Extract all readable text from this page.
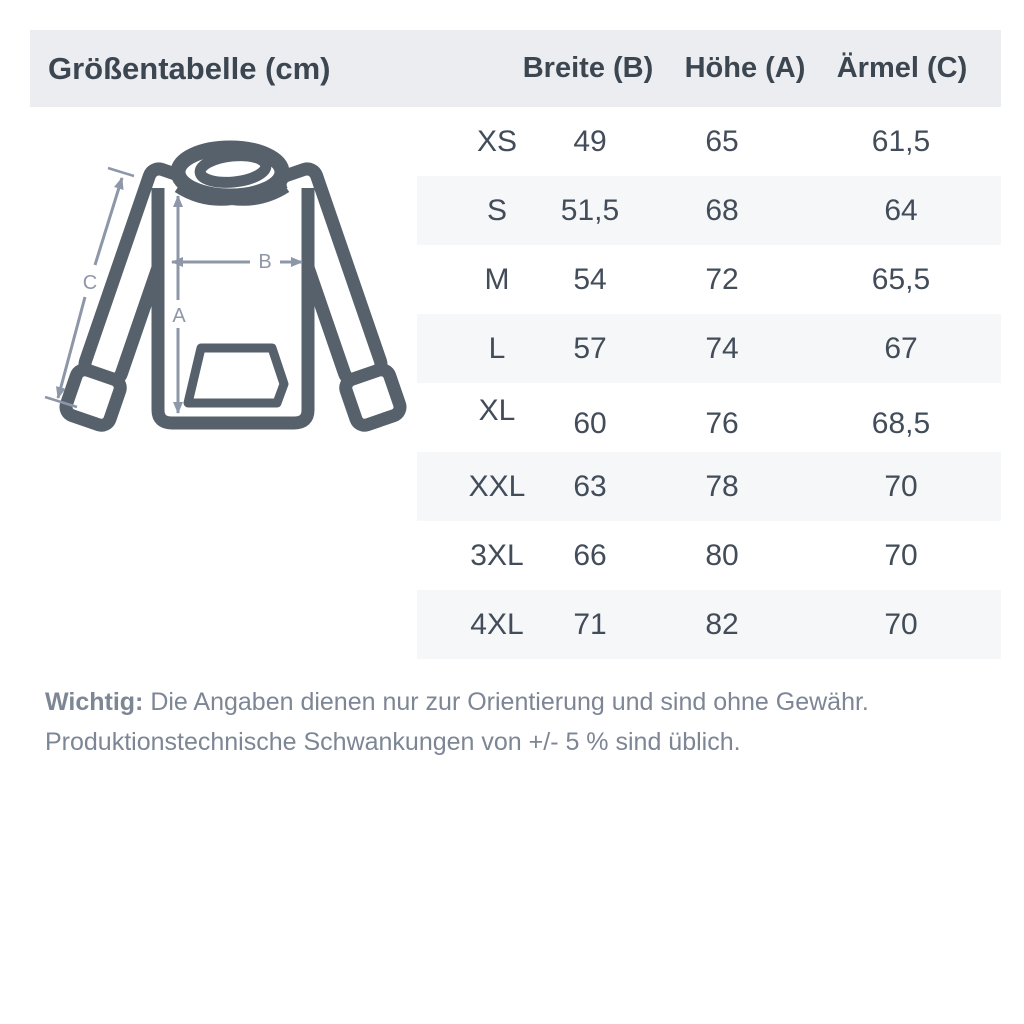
Größentabelle (cm)	Breite (B) Höhe (A) Ärmel (C)
A
B
C
XS 49	65	61,5
S 51,5	68	64
M 54	72	65,5
L 57	74	67
XL 60	76	68,5
XXL 63	78	70
3XL 66	80	70
4XL 71	82	70
Wichtig: Die Angaben dienen nur zur Orientierung und sind ohne Gewähr.
Produktionstechnische Schwankungen von +/- 5 % sind üblich.
